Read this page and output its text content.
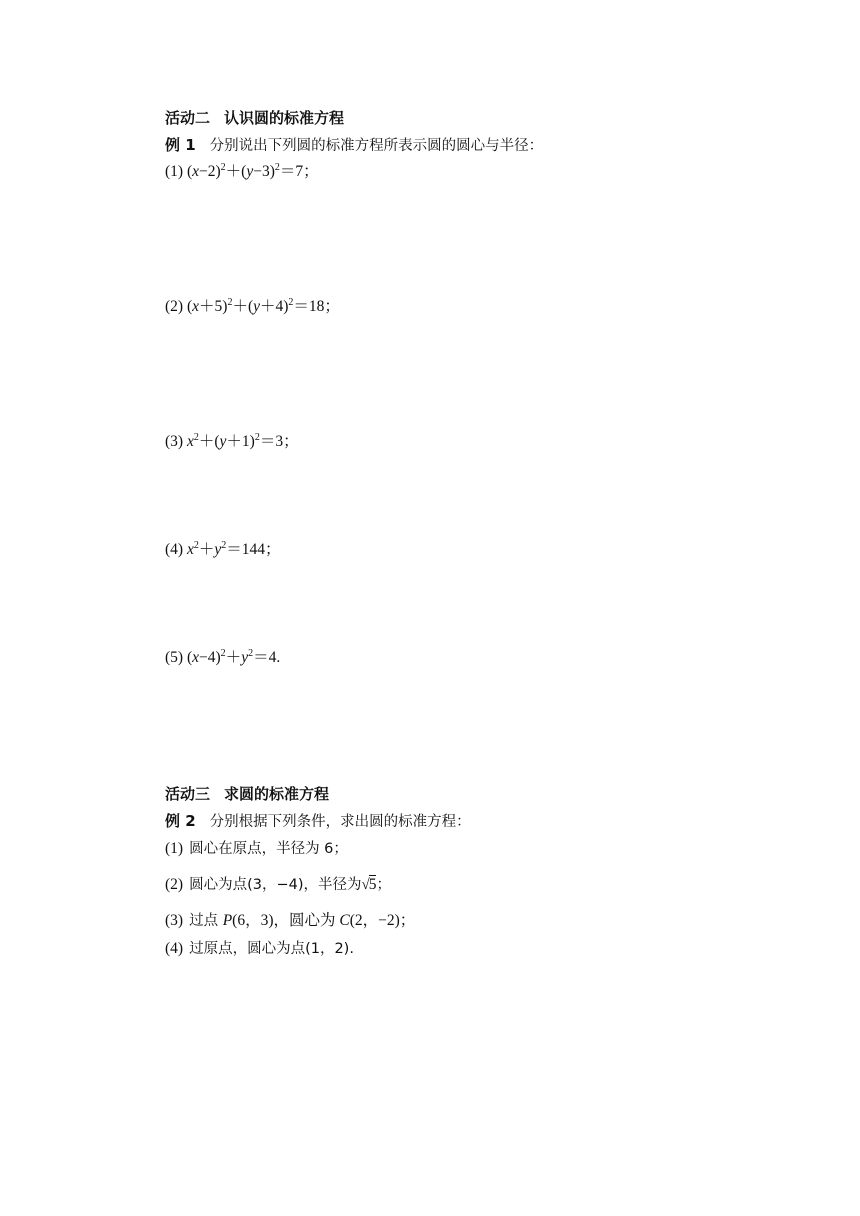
活动二 认识圆的标准方程
例 1 分别说出下列圆的标准方程所表示圆的圆心与半径：
(1) $(x-2)^2+(y-3)^2=7$；
(2) $(x+5)^2+(y+4)^2=18$；
(3) $x^2+(y+1)^2=3$；
(4) $x^2+y^2=144$；
(5) $(x-4)^2+y^2=4$.
活动三 求圆的标准方程
例 2 分别根据下列条件，求出圆的标准方程：
(1) 圆心在原点，半径为 6；
(2) 圆心为点(3，−4)，半径为√5；
(3) 过点 P(6，3)，圆心为 C(2，−2)；
(4) 过原点，圆心为点(1，2).
